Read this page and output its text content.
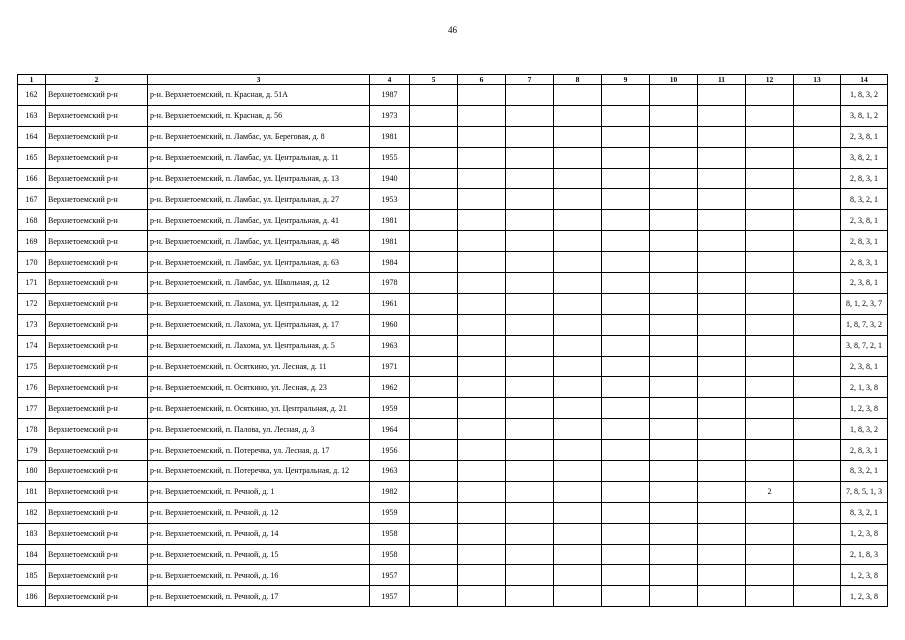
46
1	2	3	4	5	6	7	8	9	10	11	12	13	14
162	Верхнетоемский р-н	р-н. Верхнетоемский, п. Красная, д. 51А	1987										1, 8, 3, 2
163	Верхнетоемский р-н	р-н. Верхнетоемский, п. Красная, д. 56	1973										3, 8, 1, 2
164	Верхнетоемский р-н	р-н. Верхнетоемский, п. Ламбас, ул. Береговая, д. 8	1981										2, 3, 8, 1
165	Верхнетоемский р-н	р-н. Верхнетоемский, п. Ламбас, ул. Центральная, д. 11	1955										3, 8, 2, 1
166	Верхнетоемский р-н	р-н. Верхнетоемский, п. Ламбас, ул. Центральная, д. 13	1940										2, 8, 3, 1
167	Верхнетоемский р-н	р-н. Верхнетоемский, п. Ламбас, ул. Центральная, д. 27	1953										8, 3, 2, 1
168	Верхнетоемский р-н	р-н. Верхнетоемский, п. Ламбас, ул. Центральная, д. 41	1981										2, 3, 8, 1
169	Верхнетоемский р-н	р-н. Верхнетоемский, п. Ламбас, ул. Центральная, д. 48	1981										2, 8, 3, 1
170	Верхнетоемский р-н	р-н. Верхнетоемский, п. Ламбас, ул. Центральная, д. 63	1984										2, 8, 3, 1
171	Верхнетоемский р-н	р-н. Верхнетоемский, п. Ламбас, ул. Школьная, д. 12	1978										2, 3, 8, 1
172	Верхнетоемский р-н	р-н. Верхнетоемский, п. Лахома, ул. Центральная, д. 12	1961										8, 1, 2, 3, 7
173	Верхнетоемский р-н	р-н. Верхнетоемский, п. Лахома, ул. Центральная, д. 17	1960										1, 8, 7, 3, 2
174	Верхнетоемский р-н	р-н. Верхнетоемский, п. Лахома, ул. Центральная, д. 5	1963										3, 8, 7, 2, 1
175	Верхнетоемский р-н	р-н. Верхнетоемский, п. Осяткино, ул. Лесная, д. 11	1971										2, 3, 8, 1
176	Верхнетоемский р-н	р-н. Верхнетоемский, п. Осяткино, ул. Лесная, д. 23	1962										2, 1, 3, 8
177	Верхнетоемский р-н	р-н. Верхнетоемский, п. Осяткино, ул. Центральная, д. 21	1959										1, 2, 3, 8
178	Верхнетоемский р-н	р-н. Верхнетоемский, п. Палова, ул. Лесная, д. 3	1964										1, 8, 3, 2
179	Верхнетоемский р-н	р-н. Верхнетоемский, п. Потеречка, ул. Лесная, д. 17	1956										2, 8, 3, 1
180	Верхнетоемский р-н	р-н. Верхнетоемский, п. Потеречка, ул. Центральная, д. 12	1963										8, 3, 2, 1
181	Верхнетоемский р-н	р-н. Верхнетоемский, п. Речной, д. 1	1982								2		7, 8, 5, 1, 3
182	Верхнетоемский р-н	р-н. Верхнетоемский, п. Речной, д. 12	1959										8, 3, 2, 1
183	Верхнетоемский р-н	р-н. Верхнетоемский, п. Речной, д. 14	1958										1, 2, 3, 8
184	Верхнетоемский р-н	р-н. Верхнетоемский, п. Речной, д. 15	1958										2, 1, 8, 3
185	Верхнетоемский р-н	р-н. Верхнетоемский, п. Речной, д. 16	1957										1, 2, 3, 8
186	Верхнетоемский р-н	р-н. Верхнетоемский, п. Речной, д. 17	1957										1, 2, 3, 8
